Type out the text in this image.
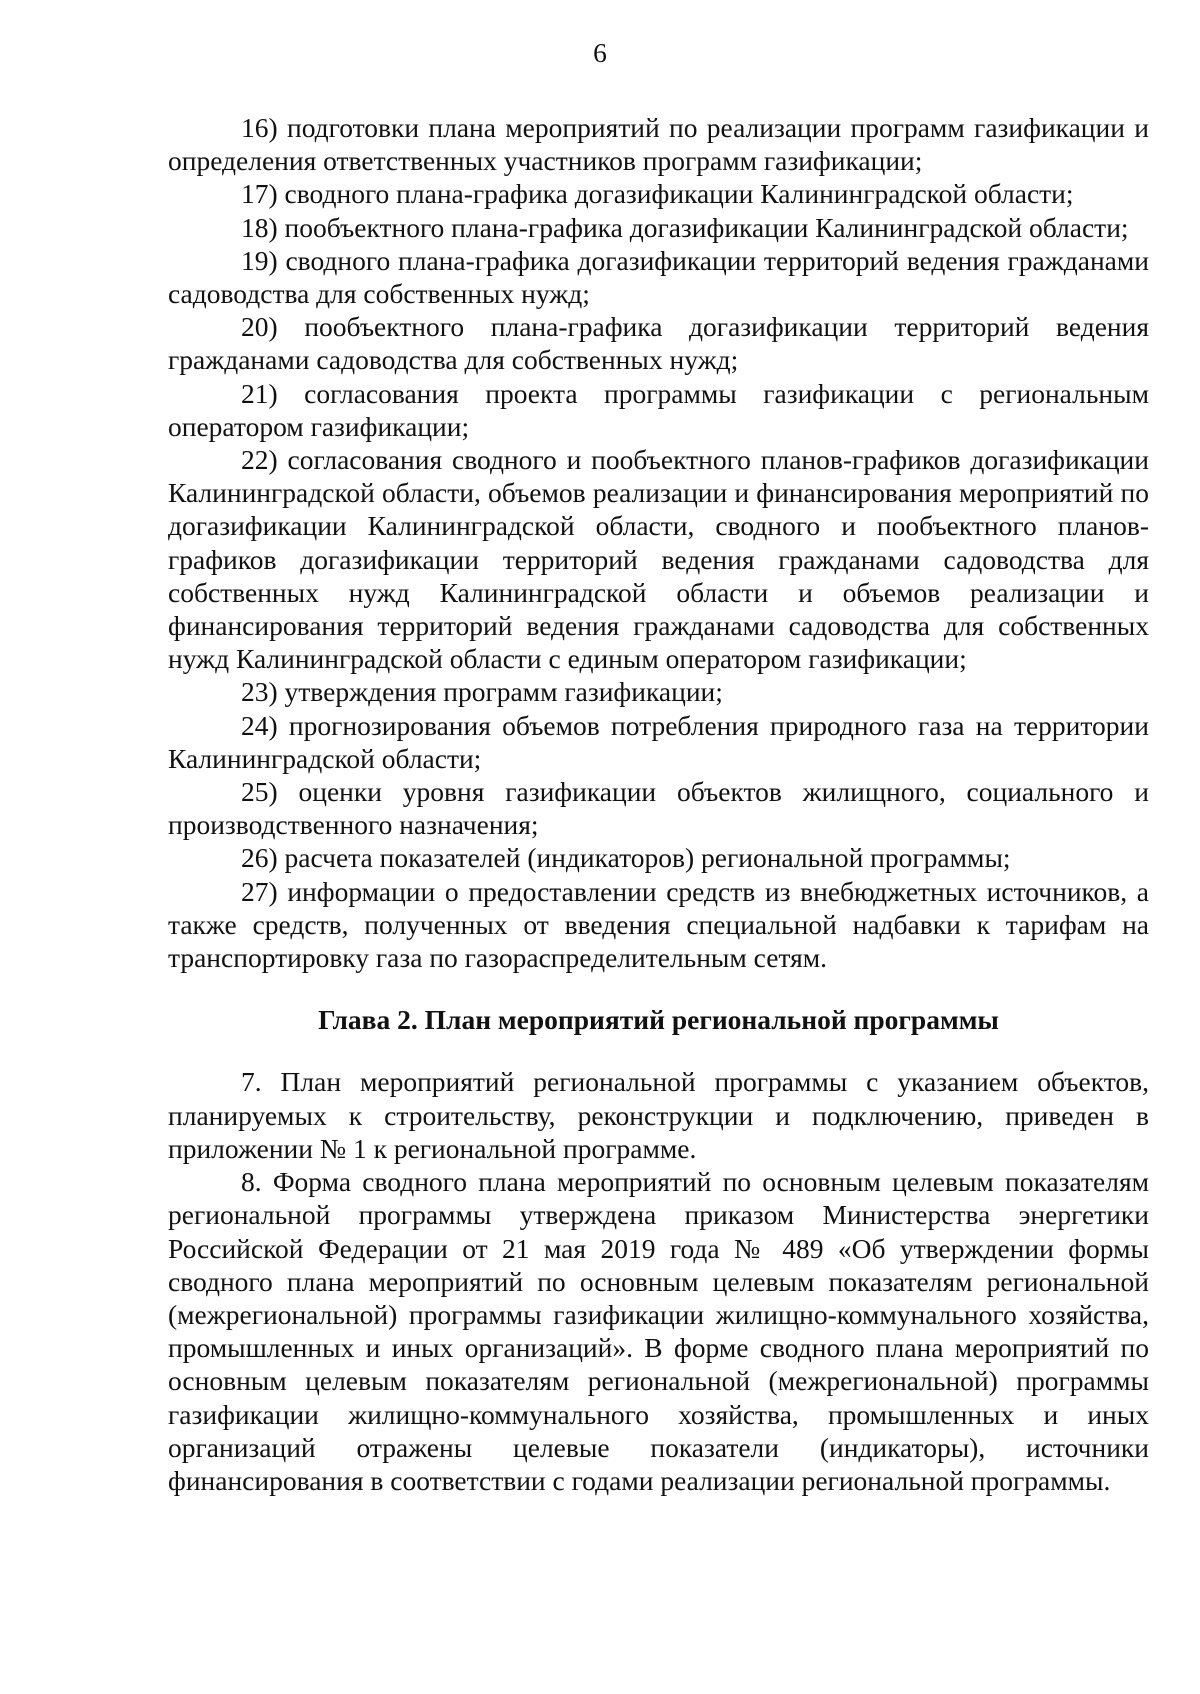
6

16) подготовки плана мероприятий по реализации программ газификации и определения ответственных участников программ газификации;

17) сводного плана-графика догазификации Калининградской области;

18) пообъектного плана-графика догазификации Калининградской области;

19) сводного плана-графика догазификации территорий ведения гражданами садоводства для собственных нужд;

20) пообъектного плана-графика догазификации территорий ведения гражданами садоводства для собственных нужд;

21) согласования проекта программы газификации с региональным оператором газификации;

22) согласования сводного и пообъектного планов-графиков догазификации Калининградской области, объемов реализации и финансирования мероприятий по догазификации Калининградской области, сводного и пообъектного планов-графиков догазификации территорий ведения гражданами садоводства для собственных нужд Калининградской области и объемов реализации и финансирования территорий ведения гражданами садоводства для собственных нужд Калининградской области с единым оператором газификации;

23) утверждения программ газификации;

24) прогнозирования объемов потребления природного газа на территории Калининградской области;

25) оценки уровня газификации объектов жилищного, социального и производственного назначения;

26) расчета показателей (индикаторов) региональной программы;

27) информации о предоставлении средств из внебюджетных источников, а также средств, полученных от введения специальной надбавки к тарифам на транспортировку газа по газораспределительным сетям.

Глава 2. План мероприятий региональной программы

7. План мероприятий региональной программы с указанием объектов, планируемых к строительству, реконструкции и подключению, приведен в приложении № 1 к региональной программе.

8. Форма сводного плана мероприятий по основным целевым показателям региональной программы утверждена приказом Министерства энергетики Российской Федерации от 21 мая 2019 года № 489 «Об утверждении формы сводного плана мероприятий по основным целевым показателям региональной (межрегиональной) программы газификации жилищно-коммунального хозяйства, промышленных и иных организаций». В форме сводного плана мероприятий по основным целевым показателям региональной (межрегиональной) программы газификации жилищно-коммунального хозяйства, промышленных и иных организаций отражены целевые показатели (индикаторы), источники финансирования в соответствии с годами реализации региональной программы.
